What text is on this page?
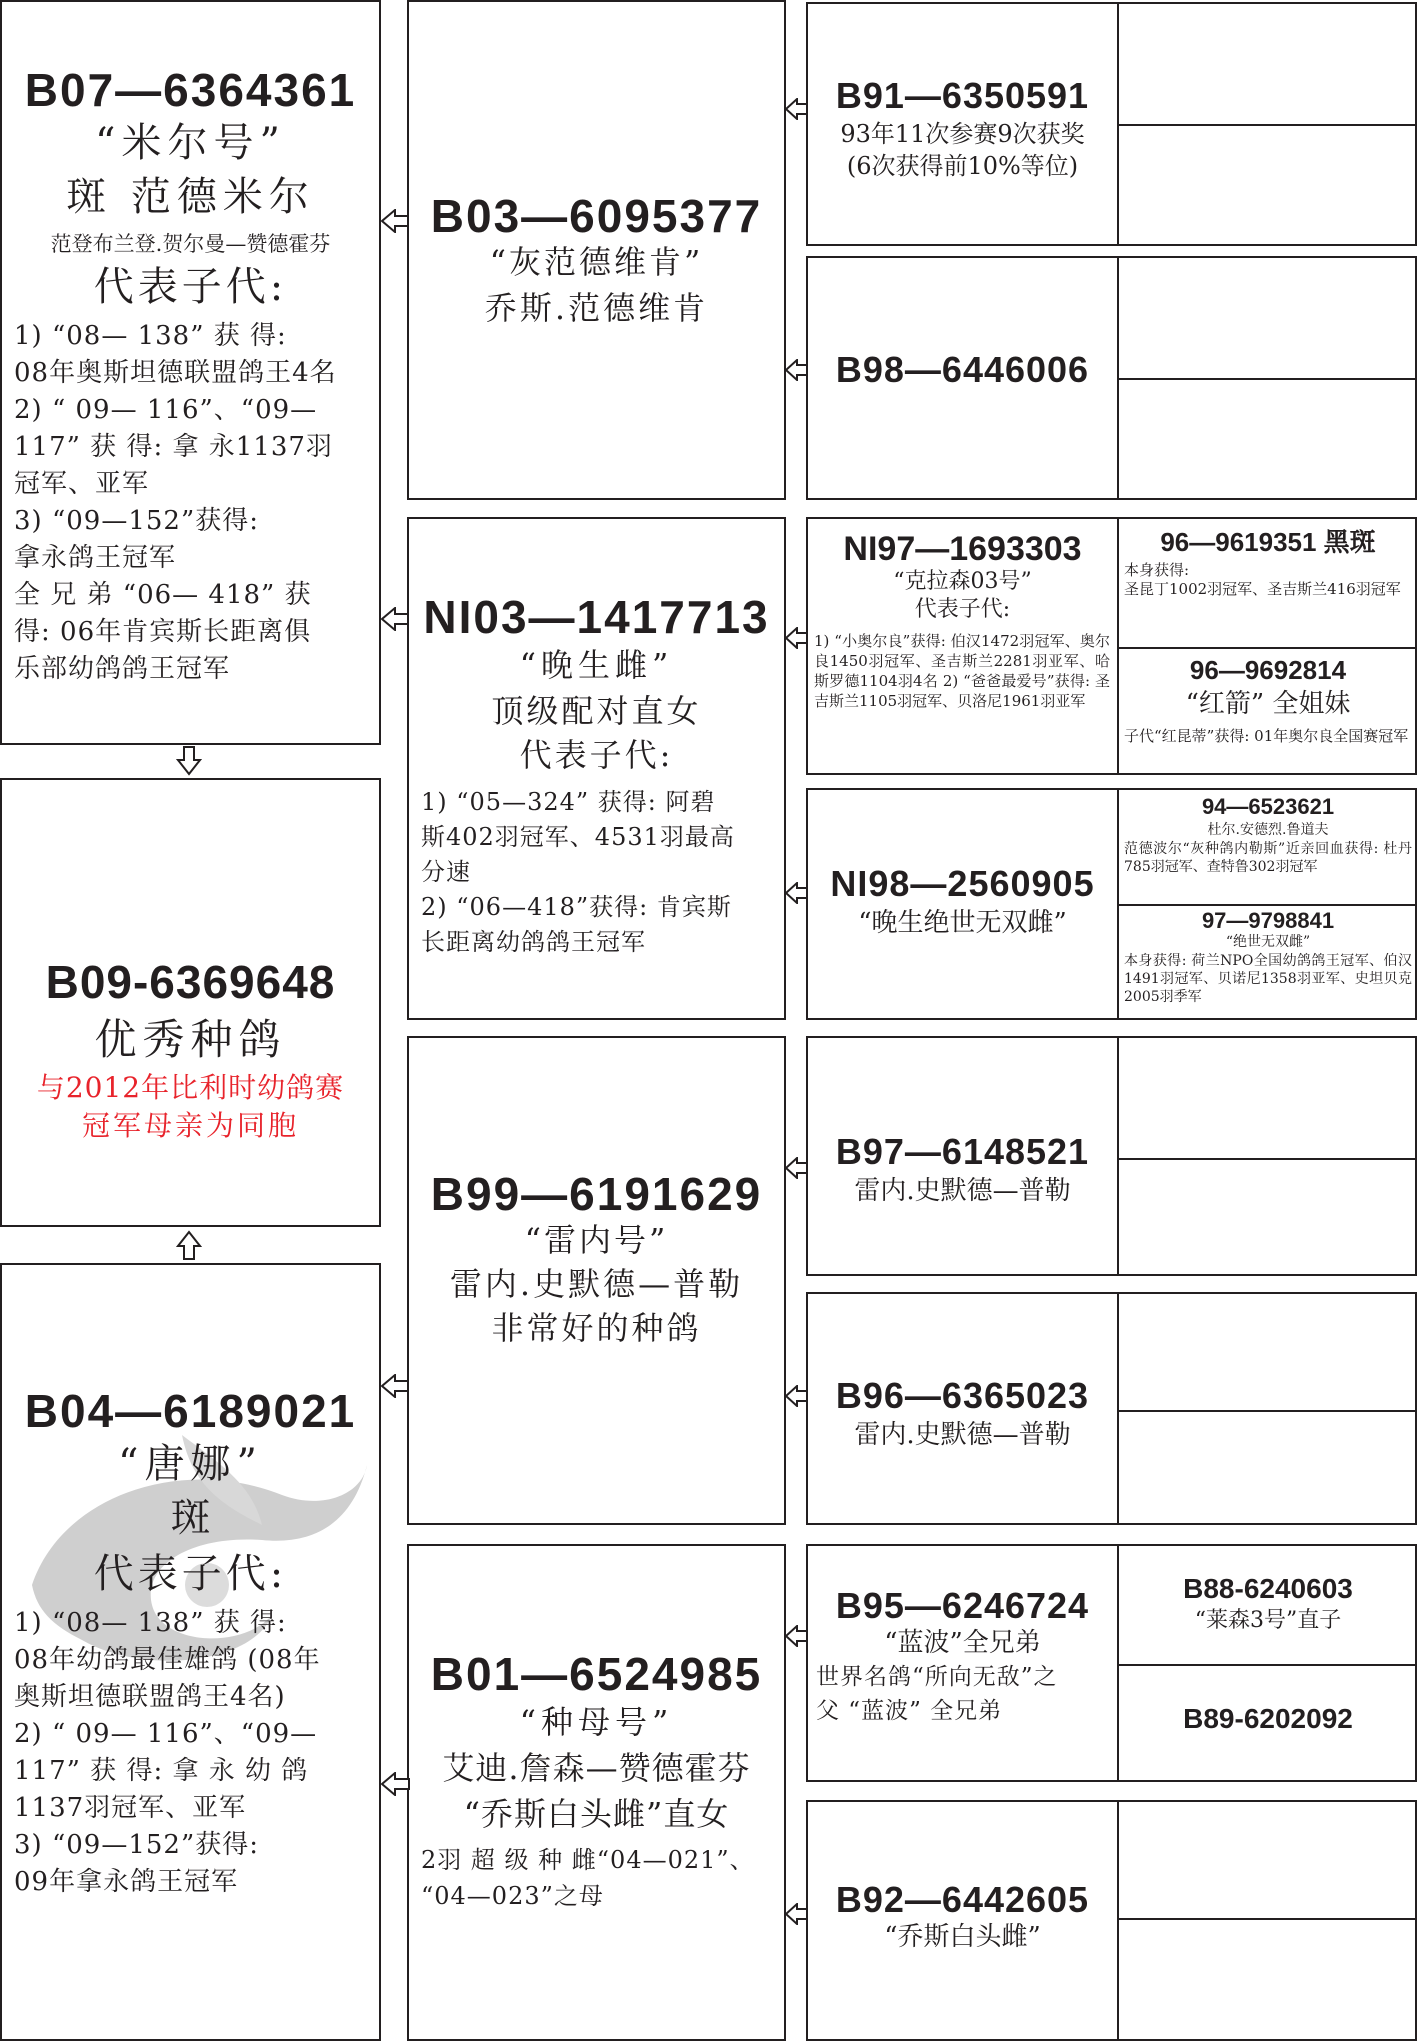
B07—6364361
“米尔号”
斑 范德米尔
范登布兰登.贺尔曼—赞德霍芬
代表子代:
1) “08— 138” 获 得:
08年奥斯坦德联盟鸽王4名
2) “ 09— 116”、“09—
117” 获 得: 拿 永1137羽
冠军、亚军
3) “09—152”获得:
拿永鸽王冠军
全 兄 弟 “06— 418” 获
得: 06年肯宾斯长距离俱
乐部幼鸽鸽王冠军
B09-6369648
优秀种鸽
与2012年比利时幼鸽赛
冠军母亲为同胞
B04—6189021
“唐娜”
斑
代表子代:
1) “08— 138” 获 得:
08年幼鸽最佳雄鸽 (08年
奥斯坦德联盟鸽王4名)
2) “ 09— 116”、“09—
117” 获 得: 拿 永 幼 鸽
1137羽冠军、亚军
3) “09—152”获得:
09年拿永鸽王冠军
B03—6095377
“灰范德维肯”
乔斯.范德维肯
NI03—1417713
“晚生雌”
顶级配对直女
代表子代:
1) “05—324” 获得: 阿碧
斯402羽冠军、4531羽最高
分速
2) “06—418”获得: 肯宾斯
长距离幼鸽鸽王冠军
B99—6191629
“雷内号”
雷内.史默德—普勒
非常好的种鸽
B01—6524985
“种母号”
艾迪.詹森—赞德霍芬
“乔斯白头雌”直女
2羽 超 级 种 雌“04—021”、
“04—023”之母
B91—6350591
93年11次参赛9次获奖
(6次获得前10%等位)
B98—6446006
NI97—1693303
“克拉森03号”
代表子代:
1) “小奥尔良”获得: 伯汉1472羽冠军、奥尔良1450羽冠军、圣吉斯兰2281羽亚军、哈斯罗德1104羽4名 2) “爸爸最爱号”获得: 圣吉斯兰1105羽冠军、贝洛尼1961羽亚军
96—9619351 黑斑
本身获得:
圣昆丁1002羽冠军、圣吉斯兰416羽冠军
96—9692814
“红箭” 全姐妹
子代“红昆蒂”获得: 01年奥尔良全国赛冠军
NI98—2560905
“晚生绝世无双雌”
94—6523621
杜尔.安德烈.鲁道夫
范德波尔“灰种鸽内勒斯”近亲回血获得: 杜丹785羽冠军、查特鲁302羽冠军
97—9798841
“绝世无双雌”
本身获得: 荷兰NPO全国幼鸽鸽王冠军、伯汉1491羽冠军、贝诺尼1358羽亚军、史坦贝克2005羽季军
B97—6148521
雷内.史默德—普勒
B96—6365023
雷内.史默德—普勒
B95—6246724
“蓝波”全兄弟
世界名鸽“所向无敌”之
父 “蓝波” 全兄弟
B88-6240603
“莱森3号”直子
B89-6202092
B92—6442605
“乔斯白头雌”
